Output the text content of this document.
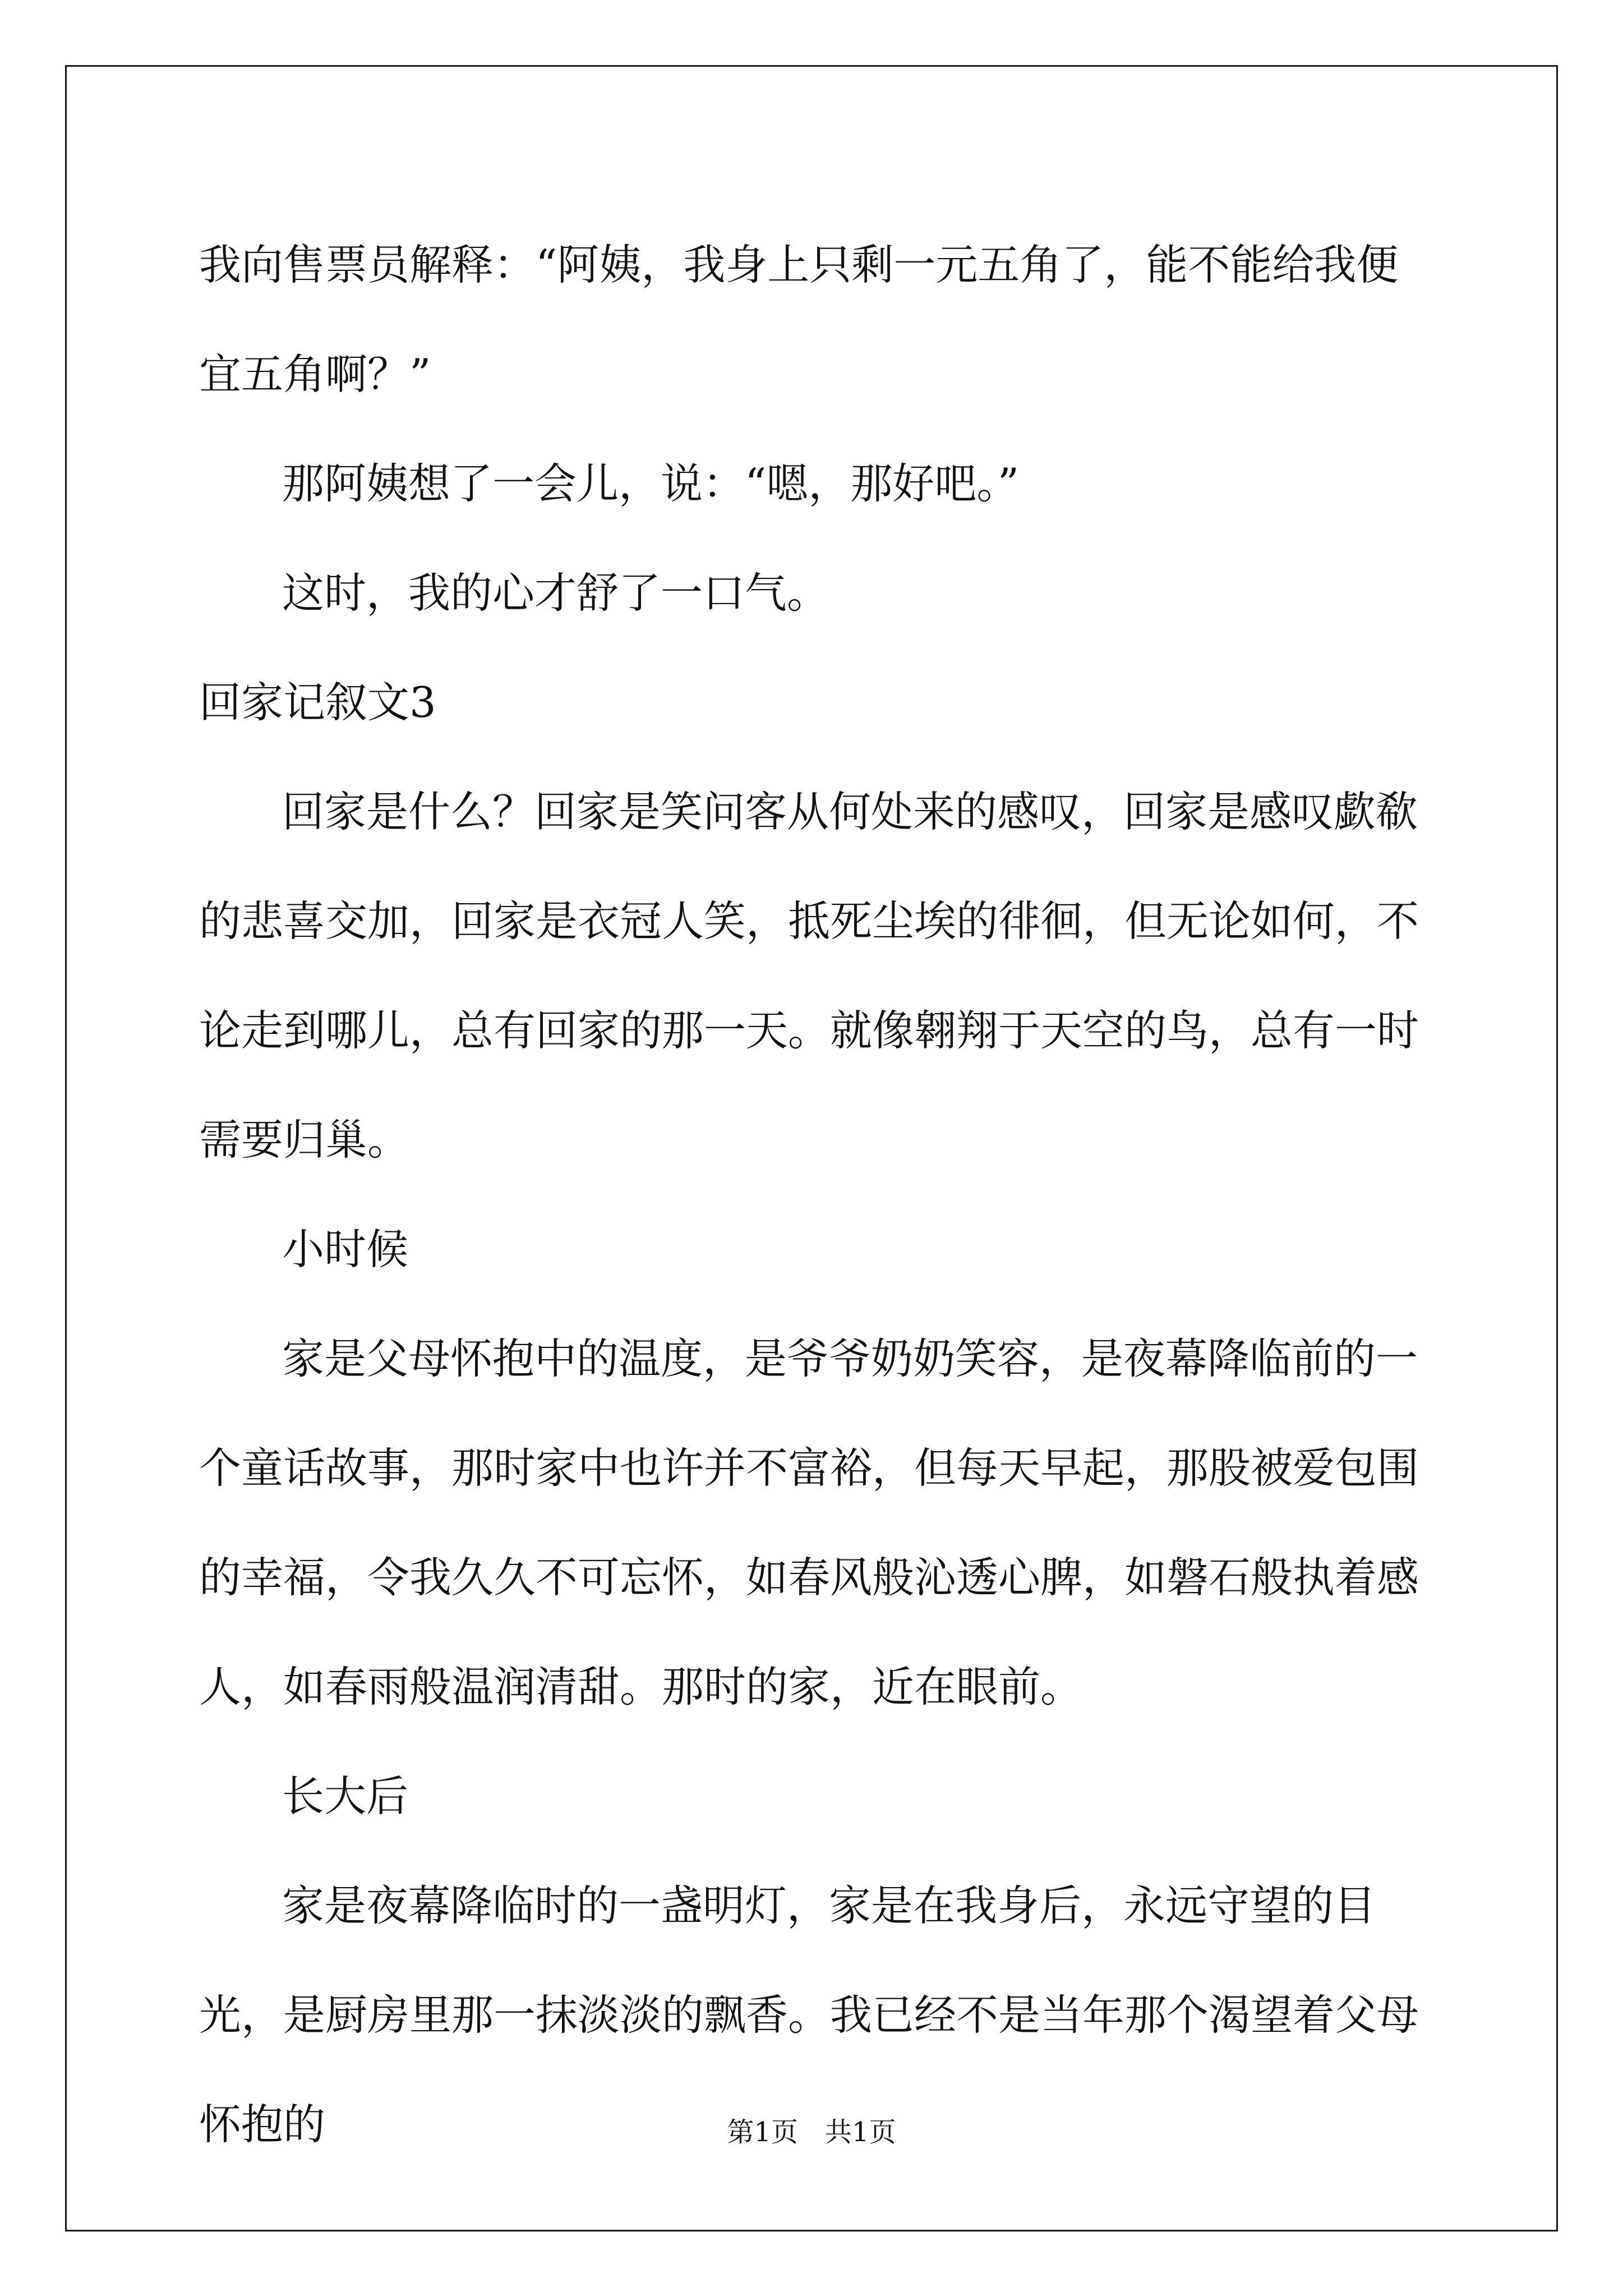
我向售票员解释：“阿姨，我身上只剩一元五角了，能不能给我便宜五角啊？”

那阿姨想了一会儿，说：“嗯，那好吧。”

这时，我的心才舒了一口气。

回家记叙文3

回家是什么？回家是笑问客从何处来的感叹，回家是感叹歔欷的悲喜交加，回家是衣冠人笑，抵死尘埃的徘徊，但无论如何，不论走到哪儿，总有回家的那一天。就像翱翔于天空的鸟，总有一时需要归巢。

小时候

家是父母怀抱中的温度，是爷爷奶奶笑容，是夜幕降临前的一个童话故事，那时家中也许并不富裕，但每天早起，那股被爱包围的幸福，令我久久不可忘怀，如春风般沁透心脾，如磐石般执着感人，如春雨般温润清甜。那时的家，近在眼前。

长大后

家是夜幕降临时的一盏明灯，家是在我身后，永远守望的目光，是厨房里那一抹淡淡的飘香。我已经不是当年那个渴望着父母怀抱的	第1页　共1页
